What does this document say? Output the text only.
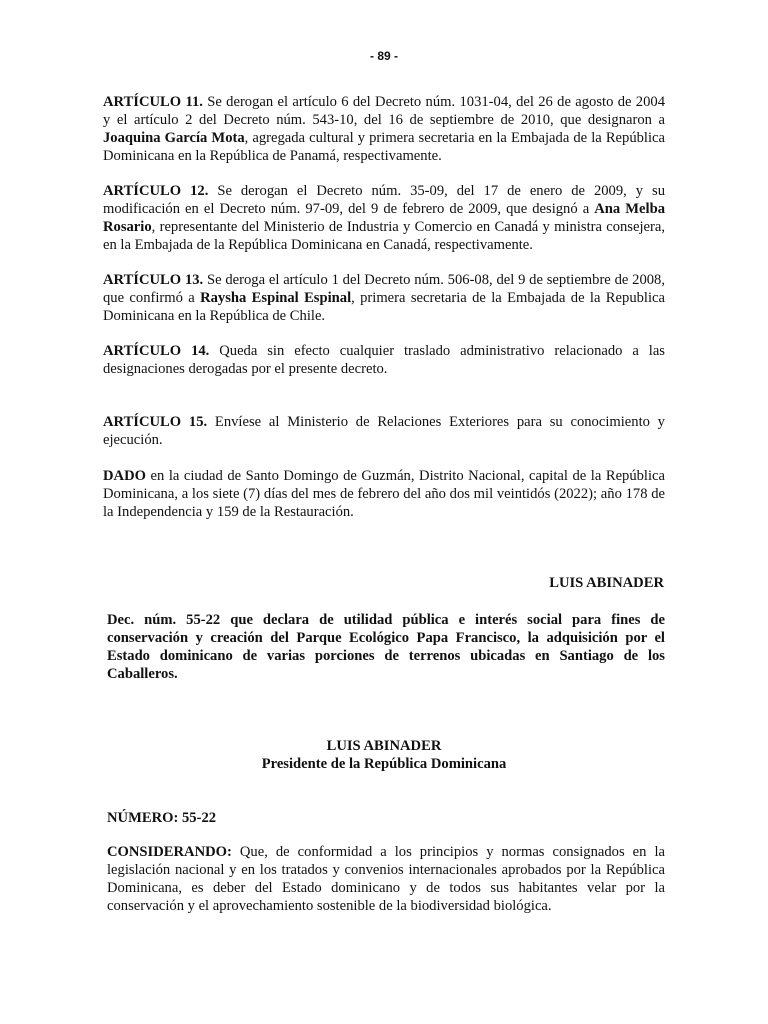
- 89 -

ARTÍCULO 11. Se derogan el artículo 6 del Decreto núm. 1031-04, del 26 de agosto de 2004 y el artículo 2 del Decreto núm. 543-10, del 16 de septiembre de 2010, que designaron a Joaquina García Mota, agregada cultural y primera secretaria en la Embajada de la República Dominicana en la República de Panamá, respectivamente.

ARTÍCULO 12. Se derogan el Decreto núm. 35-09, del 17 de enero de 2009, y su modificación en el Decreto núm. 97-09, del 9 de febrero de 2009, que designó a Ana Melba Rosario, representante del Ministerio de Industria y Comercio en Canadá y ministra consejera, en la Embajada de la República Dominicana en Canadá, respectivamente.

ARTÍCULO 13. Se deroga el artículo 1 del Decreto núm. 506-08, del 9 de septiembre de 2008, que confirmó a Raysha Espinal Espinal, primera secretaria de la Embajada de la Republica Dominicana en la República de Chile.

ARTÍCULO 14. Queda sin efecto cualquier traslado administrativo relacionado a las designaciones derogadas por el presente decreto.

ARTÍCULO 15. Envíese al Ministerio de Relaciones Exteriores para su conocimiento y ejecución.

DADO en la ciudad de Santo Domingo de Guzmán, Distrito Nacional, capital de la República Dominicana, a los siete (7) días del mes de febrero del año dos mil veintidós (2022); año 178 de la Independencia y 159 de la Restauración.

LUIS ABINADER

Dec. núm. 55-22 que declara de utilidad pública e interés social para fines de conservación y creación del Parque Ecológico Papa Francisco, la adquisición por el Estado dominicano de varias porciones de terrenos ubicadas en Santiago de los Caballeros.

LUIS ABINADER
Presidente de la República Dominicana

NÚMERO: 55-22

CONSIDERANDO: Que, de conformidad a los principios y normas consignados en la legislación nacional y en los tratados y convenios internacionales aprobados por la República Dominicana, es deber del Estado dominicano y de todos sus habitantes velar por la conservación y el aprovechamiento sostenible de la biodiversidad biológica.
